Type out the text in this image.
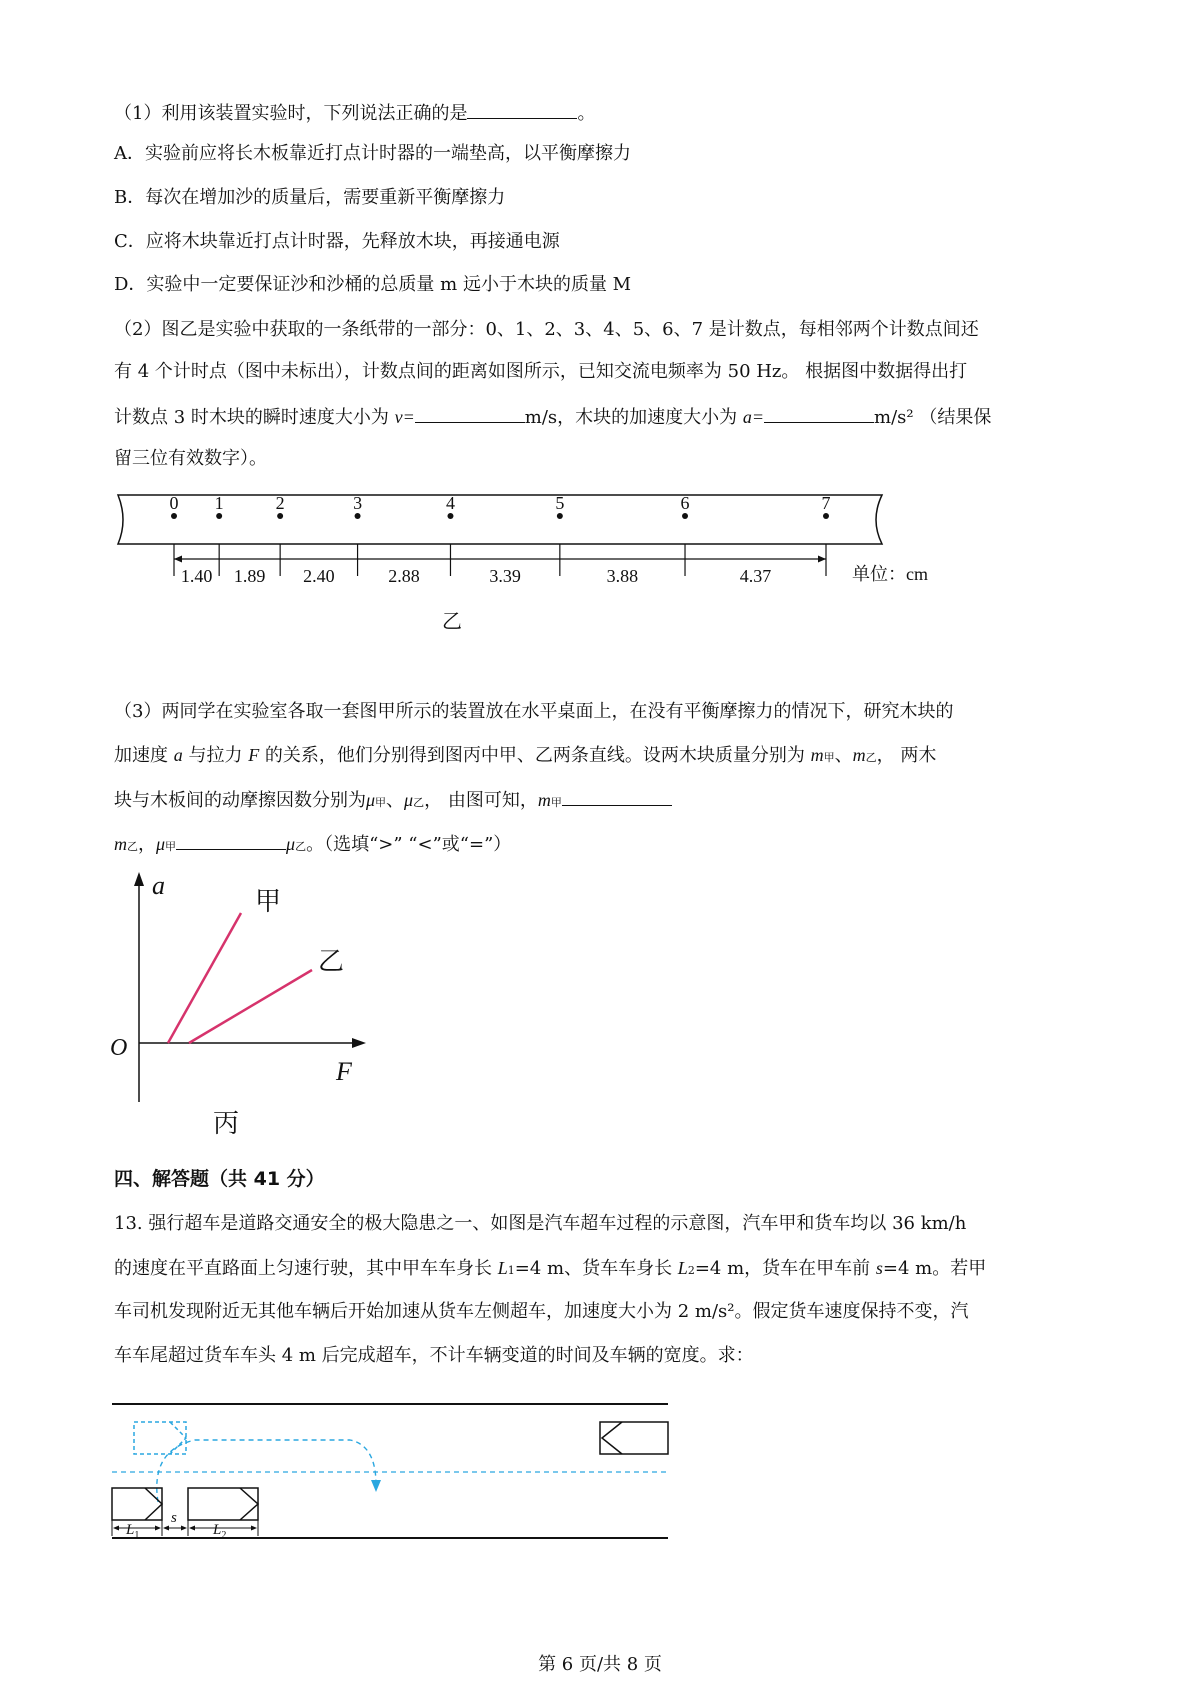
（1）利用该装置实验时，下列说法正确的是	。
A．实验前应将长木板靠近打点计时器的一端垫高，以平衡摩擦力
B．每次在增加沙的质量后，需要重新平衡摩擦力
C．应将木块靠近打点计时器，先释放木块，再接通电源
D．实验中一定要保证沙和沙桶的总质量 m 远小于木块的质量 M
（2）图乙是实验中获取的一条纸带的一部分：0、1、2、3、4、5、6、7 是计数点，每相邻两个计数点间还
有 4 个计时点（图中未标出），计数点间的距离如图所示，已知交流电频率为 50 Hz。 根据图中数据得出打
计数点 3 时木块的瞬时速度大小为 v=	m/s，木块的加速度大小为 a=	m/s² （结果保
留三位有效数字）。
0 1	2	3	4	5	6	7
1.40 1.89 2.40	2.88	3.39	3.88	4.37	单位：cm
乙
（3）两同学在实验室各取一套图甲所示的装置放在水平桌面上，在没有平衡摩擦力的情况下，研究木块的
加速度 a 与拉力 F 的关系，他们分别得到图丙中甲、乙两条直线。设两木块质量分别为 m甲、m乙， 两木
块与木板间的动摩擦因数分别为μ甲、μ乙， 由图可知，m甲
m乙，μ甲	μ乙。（选填“>” “<”或“=”）
a
F
O
甲
乙
丙
四、解答题（共 41 分）
13. 强行超车是道路交通安全的极大隐患之一、如图是汽车超车过程的示意图，汽车甲和货车均以 36 km/h
的速度在平直路面上匀速行驶，其中甲车车身长 L1=4 m、货车车身长 L2=4 m，货车在甲车前 s=4 m。若甲
车司机发现附近无其他车辆后开始加速从货车左侧超车，加速度大小为 2 m/s²。假定货车速度保持不变，汽
车车尾超过货车车头 4 m 后完成超车，不计车辆变道的时间及车辆的宽度。求：
$L_1$
s
$L_2$
第 6 页/共 8 页
